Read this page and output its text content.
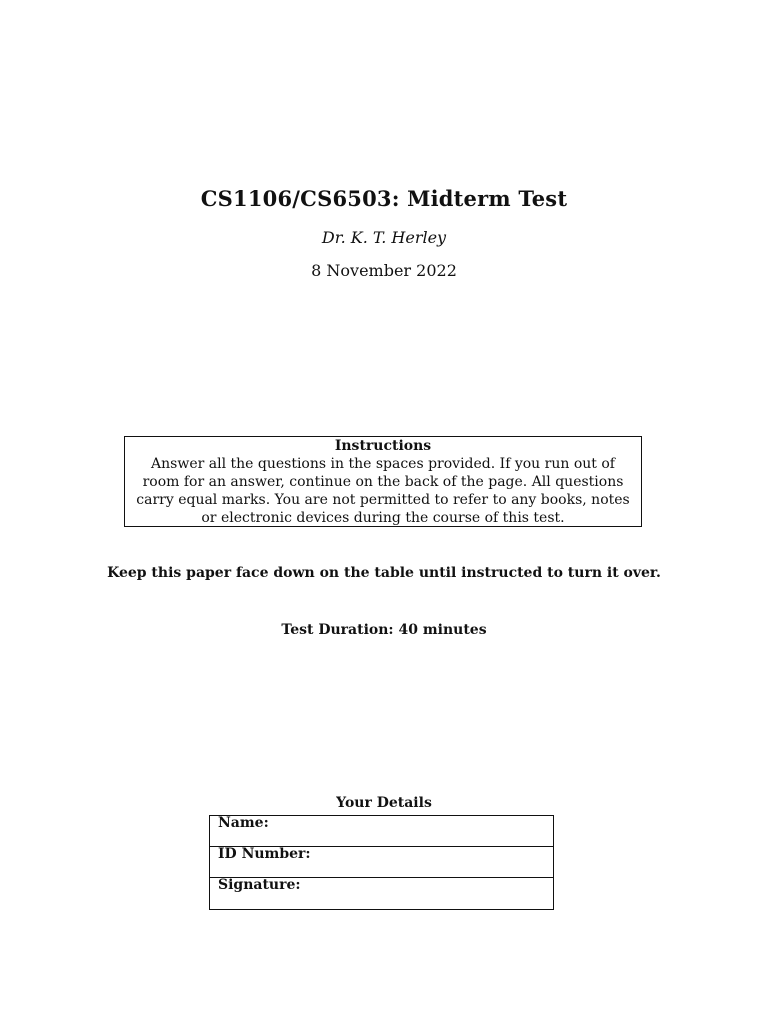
CS1106/CS6503: Midterm Test
Dr. K. T. Herley
8 November 2022
Instructions

Answer all the questions in the spaces provided. If you run out of room for an answer, continue on the back of the page. All questions carry equal marks. You are not permitted to refer to any books, notes or electronic devices during the course of this test.

Keep this paper face down on the table until instructed to turn it over.
Test Duration: 40 minutes
Your Details
Name:
ID Number:
Signature:
